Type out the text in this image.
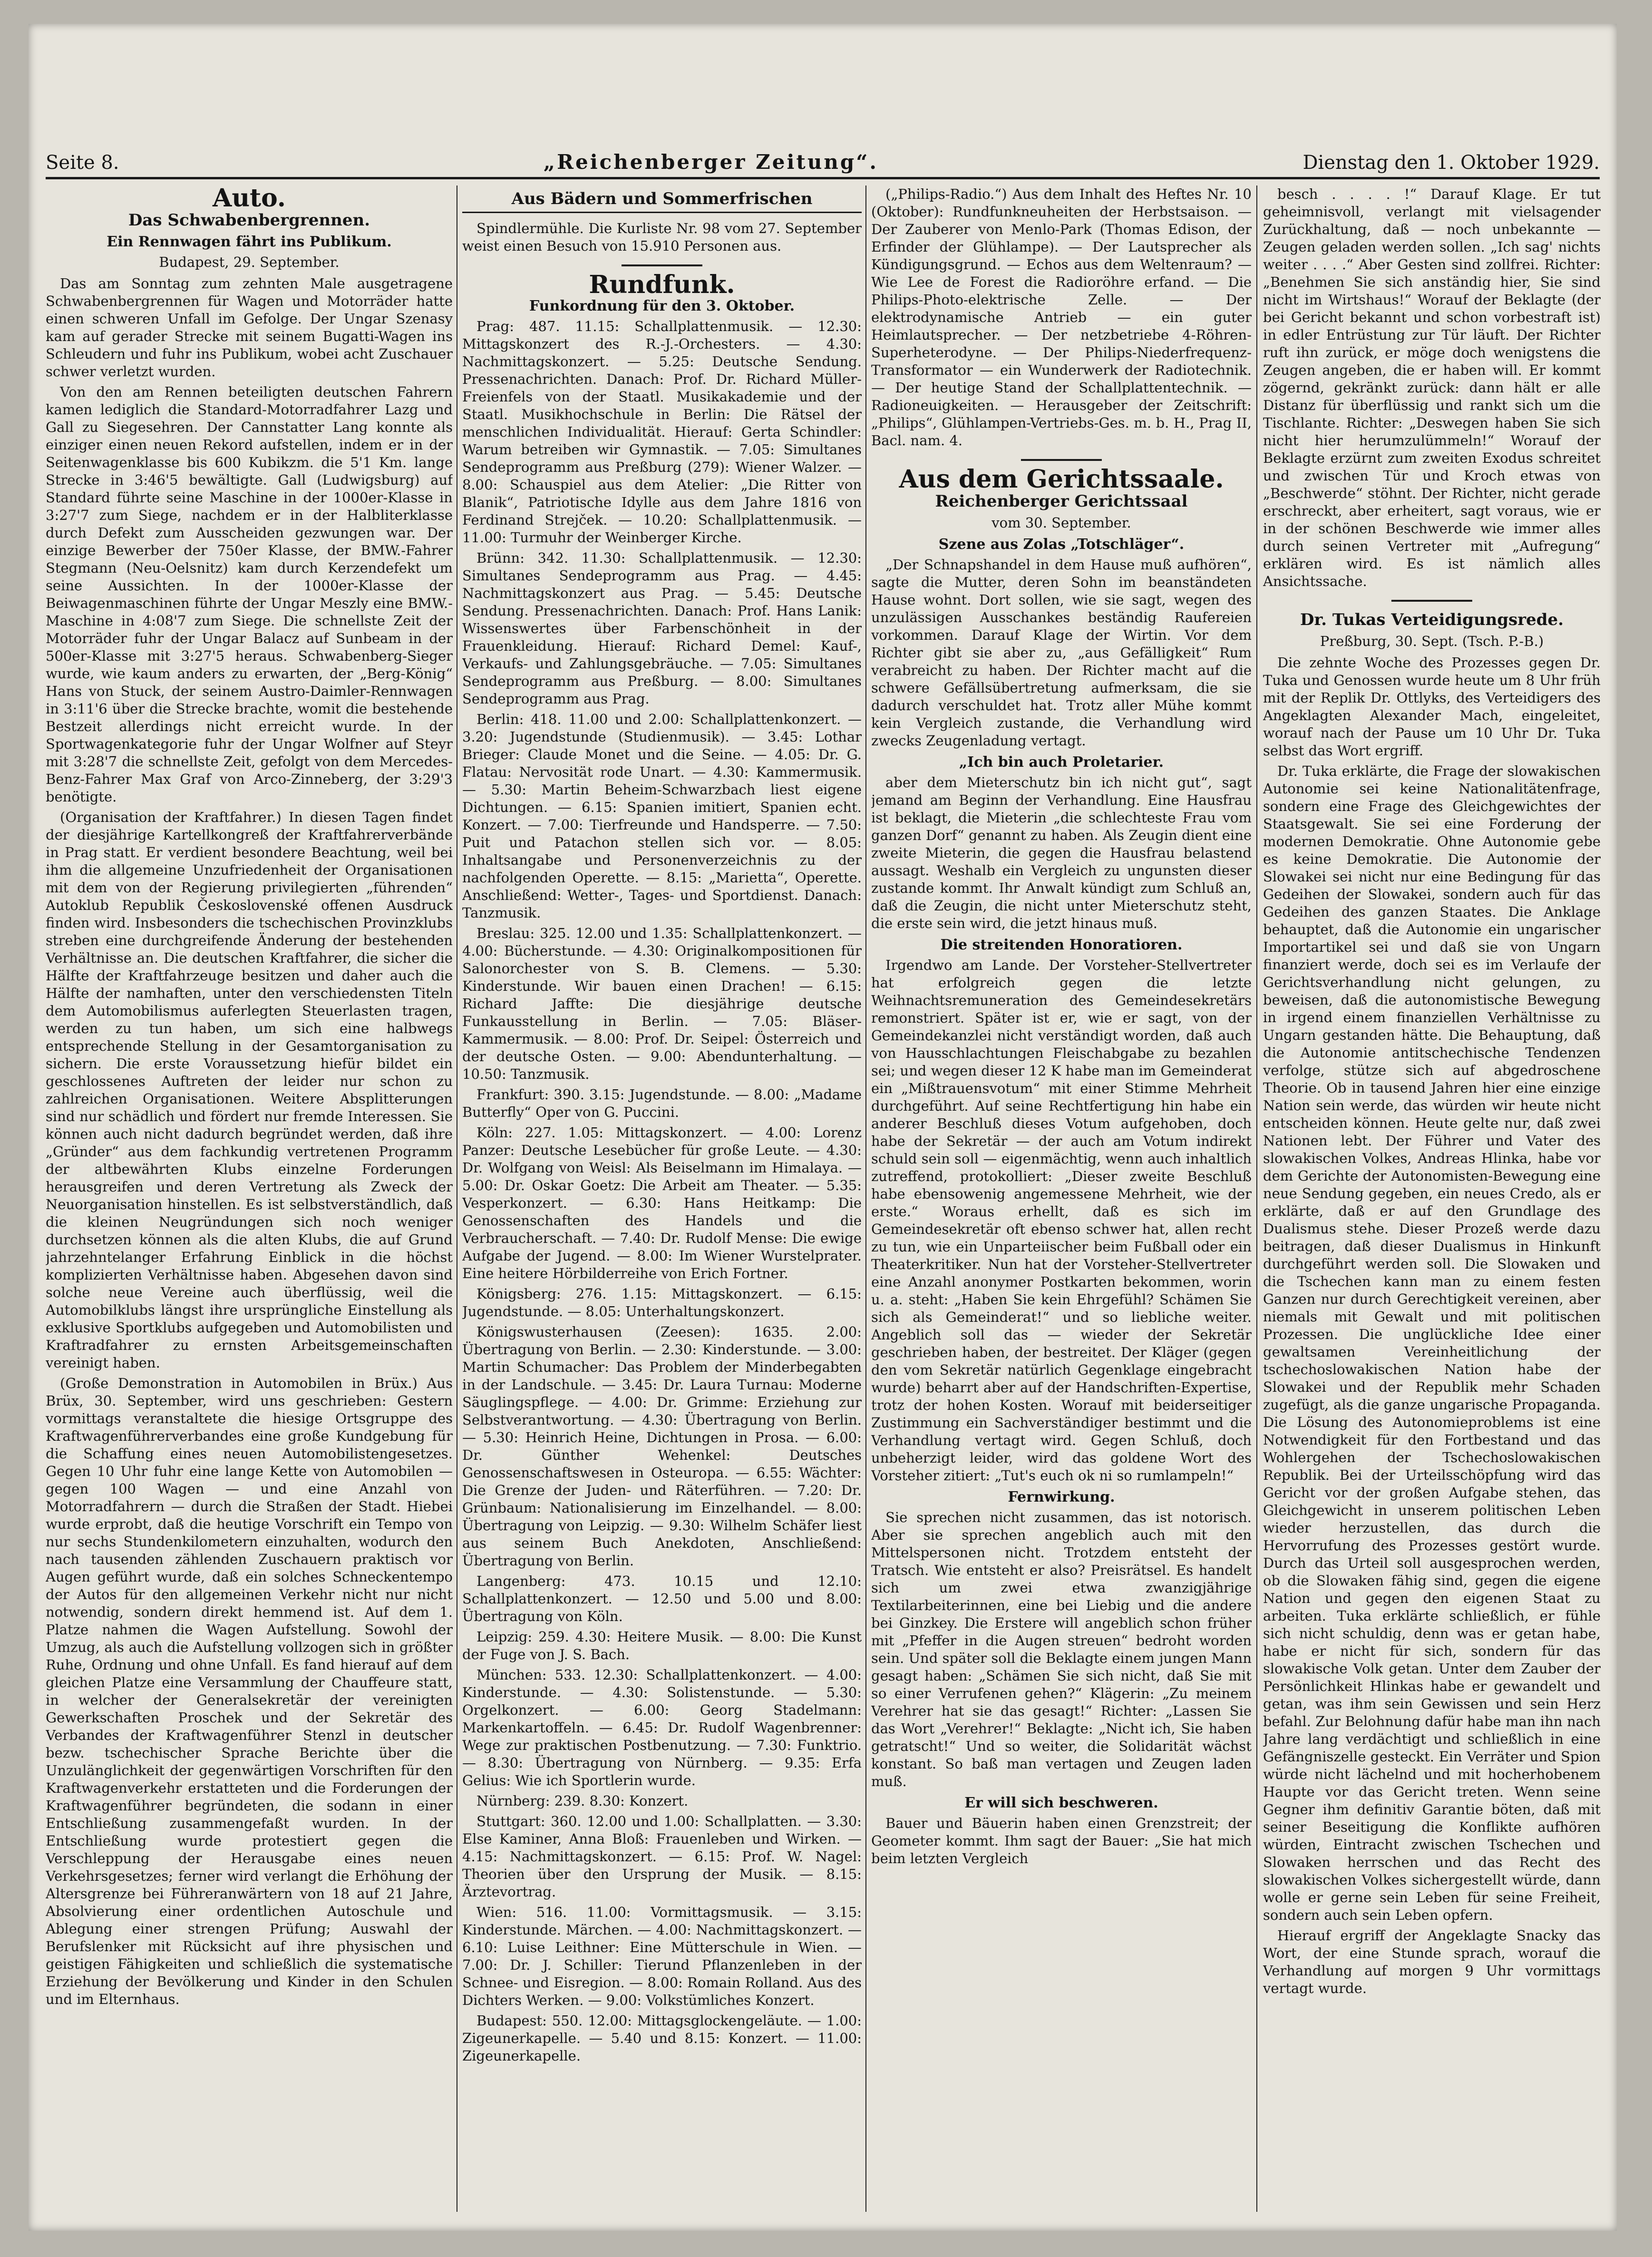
Seite 8.	„Reichenberger Zeitung“.	Dienstag den 1. Oktober 1929.
Auto.
Das Schwabenbergrennen.
Ein Rennwagen fährt ins Publikum.
Budapest, 29. September.

Das am Sonntag zum zehnten Male ausgetragene Schwabenbergrennen für Wagen und Motorräder hatte einen schweren Unfall im Gefolge. Der Ungar Szenasy kam auf gerader Strecke mit seinem Bugatti-Wagen ins Schleudern und fuhr ins Publikum, wobei acht Zuschauer schwer verletzt wurden.

Von den am Rennen beteiligten deutschen Fahrern kamen lediglich die Standard-Motorradfahrer Lazg und Gall zu Siegesehren. Der Cannstatter Lang konnte als einziger einen neuen Rekord aufstellen, indem er in der Seitenwagenklasse bis 600 Kubikzm. die 5'1 Km. lange Strecke in 3:46'5 bewältigte. Gall (Ludwigsburg) auf Standard führte seine Maschine in der 1000er-Klasse in 3:27'7 zum Siege, nachdem er in der Halbliterklasse durch Defekt zum Ausscheiden gezwungen war. Der einzige Bewerber der 750er Klasse, der BMW.-Fahrer Stegmann (Neu-Oelsnitz) kam durch Kerzendefekt um seine Aussichten. In der 1000er-Klasse der Beiwagenmaschinen führte der Ungar Meszly eine BMW.-Maschine in 4:08'7 zum Siege. Die schnellste Zeit der Motorräder fuhr der Ungar Balacz auf Sunbeam in der 500er-Klasse mit 3:27'5 heraus. Schwabenberg-Sieger wurde, wie kaum anders zu erwarten, der „Berg-König“ Hans von Stuck, der seinem Austro-Daimler-Rennwagen in 3:11'6 über die Strecke brachte, womit die bestehende Bestzeit allerdings nicht erreicht wurde. In der Sportwagenkategorie fuhr der Ungar Wolfner auf Steyr mit 3:28'7 die schnellste Zeit, gefolgt von dem Mercedes-Benz-Fahrer Max Graf von Arco-Zinneberg, der 3:29'3 benötigte.

(Organisation der Kraftfahrer.) In diesen Tagen findet der diesjährige Kartellkongreß der Kraftfahrerverbände in Prag statt. Er verdient besondere Beachtung, weil bei ihm die allgemeine Unzufriedenheit der Organisationen mit dem von der Regierung privilegierten „führenden“ Autoklub Republik Československé offenen Ausdruck finden wird. Insbesonders die tschechischen Provinzklubs streben eine durchgreifende Änderung der bestehenden Verhältnisse an. Die deutschen Kraftfahrer, die sicher die Hälfte der Kraftfahrzeuge besitzen und daher auch die Hälfte der namhaften, unter den verschiedensten Titeln dem Automobilismus auferlegten Steuerlasten tragen, werden zu tun haben, um sich eine halbwegs entsprechende Stellung in der Gesamtorganisation zu sichern. Die erste Voraussetzung hiefür bildet ein geschlossenes Auftreten der leider nur schon zu zahlreichen Organisationen. Weitere Absplitterungen sind nur schädlich und fördert nur fremde Interessen. Sie können auch nicht dadurch begründet werden, daß ihre „Gründer“ aus dem fachkundig vertretenen Programm der altbewährten Klubs einzelne Forderungen herausgreifen und deren Vertretung als Zweck der Neuorganisation hinstellen. Es ist selbstverständlich, daß die kleinen Neugründungen sich noch weniger durchsetzen können als die alten Klubs, die auf Grund jahrzehntelanger Erfahrung Einblick in die höchst komplizierten Verhältnisse haben. Abgesehen davon sind solche neue Vereine auch überflüssig, weil die Automobilklubs längst ihre ursprüngliche Einstellung als exklusive Sportklubs aufgegeben und Automobilisten und Kraftradfahrer zu ernsten Arbeitsgemeinschaften vereinigt haben.

(Große Demonstration in Automobilen in Brüx.) Aus Brüx, 30. September, wird uns geschrieben: Gestern vormittags veranstaltete die hiesige Ortsgruppe des Kraftwagenführerverbandes eine große Kundgebung für die Schaffung eines neuen Automobilistengesetzes. Gegen 10 Uhr fuhr eine lange Kette von Automobilen — gegen 100 Wagen — und eine Anzahl von Motorradfahrern — durch die Straßen der Stadt. Hiebei wurde erprobt, daß die heutige Vorschrift ein Tempo von nur sechs Stundenkilometern einzuhalten, wodurch den nach tausenden zählenden Zuschauern praktisch vor Augen geführt wurde, daß ein solches Schneckentempo der Autos für den allgemeinen Verkehr nicht nur nicht notwendig, sondern direkt hemmend ist. Auf dem 1. Platze nahmen die Wagen Aufstellung. Sowohl der Umzug, als auch die Aufstellung vollzogen sich in größter Ruhe, Ordnung und ohne Unfall. Es fand hierauf auf dem gleichen Platze eine Versammlung der Chauffeure statt, in welcher der Generalsekretär der vereinigten Gewerkschaften Proschek und der Sekretär des Verbandes der Kraftwagenführer Stenzl in deutscher bezw. tschechischer Sprache Berichte über die Unzulänglichkeit der gegenwärtigen Vorschriften für den Kraftwagenverkehr erstatteten und die Forderungen der Kraftwagenführer begründeten, die sodann in einer Entschließung zusammengefaßt wurden. In der Entschließung wurde protestiert gegen die Verschleppung der Herausgabe eines neuen Verkehrsgesetzes; ferner wird verlangt die Erhöhung der Altersgrenze bei Führeranwärtern von 18 auf 21 Jahre, Absolvierung einer ordentlichen Autoschule und Ablegung einer strengen Prüfung; Auswahl der Berufslenker mit Rücksicht auf ihre physischen und geistigen Fähigkeiten und schließlich die systematische Erziehung der Bevölkerung und Kinder in den Schulen und im Elternhaus.

Aus Bädern und Sommerfrischen

Spindlermühle. Die Kurliste Nr. 98 vom 27. September weist einen Besuch von 15.910 Personen aus.

Rundfunk.
Funkordnung für den 3. Oktober.

Prag: 487. 11.15: Schallplattenmusik. — 12.30: Mittagskonzert des R.-J.-Orchesters. — 4.30: Nachmittagskonzert. — 5.25: Deutsche Sendung. Pressenachrichten. Danach: Prof. Dr. Richard Müller-Freienfels von der Staatl. Musikakademie und der Staatl. Musikhochschule in Berlin: Die Rätsel der menschlichen Individualität. Hierauf: Gerta Schindler: Warum betreiben wir Gymnastik. — 7.05: Simultanes Sendeprogramm aus Preßburg (279): Wiener Walzer. — 8.00: Schauspiel aus dem Atelier: „Die Ritter von Blanik“, Patriotische Idylle aus dem Jahre 1816 von Ferdinand Strejček. — 10.20: Schallplattenmusik. — 11.00: Turmuhr der Weinberger Kirche.

Brünn: 342. 11.30: Schallplattenmusik. — 12.30: Simultanes Sendeprogramm aus Prag. — 4.45: Nachmittagskonzert aus Prag. — 5.45: Deutsche Sendung. Pressenachrichten. Danach: Prof. Hans Lanik: Wissenswertes über Farbenschönheit in der Frauenkleidung. Hierauf: Richard Demel: Kauf-, Verkaufs- und Zahlungsgebräuche. — 7.05: Simultanes Sendeprogramm aus Preßburg. — 8.00: Simultanes Sendeprogramm aus Prag.

Berlin: 418. 11.00 und 2.00: Schallplattenkonzert. — 3.20: Jugendstunde (Studienmusik). — 3.45: Lothar Brieger: Claude Monet und die Seine. — 4.05: Dr. G. Flatau: Nervosität rode Unart. — 4.30: Kammermusik. — 5.30: Martin Beheim-Schwarzbach liest eigene Dichtungen. — 6.15: Spanien imitiert, Spanien echt. Konzert. — 7.00: Tierfreunde und Handsperre. — 7.50: Puit und Patachon stellen sich vor. — 8.05: Inhaltsangabe und Personenverzeichnis zu der nachfolgenden Operette. — 8.15: „Marietta“, Operette. Anschließend: Wetter-, Tages- und Sportdienst. Danach: Tanzmusik.

Breslau: 325. 12.00 und 1.35: Schallplattenkonzert. — 4.00: Bücherstunde. — 4.30: Originalkompositionen für Salonorchester von S. B. Clemens. — 5.30: Kinderstunde. Wir bauen einen Drachen! — 6.15: Richard Jaffte: Die diesjährige deutsche Funkausstellung in Berlin. — 7.05: Bläser-Kammermusik. — 8.00: Prof. Dr. Seipel: Österreich und der deutsche Osten. — 9.00: Abendunterhaltung. — 10.50: Tanzmusik.

Frankfurt: 390. 3.15: Jugendstunde. — 8.00: „Madame Butterfly“ Oper von G. Puccini.

Köln: 227. 1.05: Mittagskonzert. — 4.00: Lorenz Panzer: Deutsche Lesebücher für große Leute. — 4.30: Dr. Wolfgang von Weisl: Als Beiselmann im Himalaya. — 5.00: Dr. Oskar Goetz: Die Arbeit am Theater. — 5.35: Vesperkonzert. — 6.30: Hans Heitkamp: Die Genossenschaften des Handels und die Verbraucherschaft. — 7.40: Dr. Rudolf Mense: Die ewige Aufgabe der Jugend. — 8.00: Im Wiener Wurstelprater. Eine heitere Hörbilderreihe von Erich Fortner.

Königsberg: 276. 1.15: Mittagskonzert. — 6.15: Jugendstunde. — 8.05: Unterhaltungskonzert.

Königswusterhausen (Zeesen): 1635. 2.00: Übertragung von Berlin. — 2.30: Kinderstunde. — 3.00: Martin Schumacher: Das Problem der Minderbegabten in der Landschule. — 3.45: Dr. Laura Turnau: Moderne Säuglingspflege. — 4.00: Dr. Grimme: Erziehung zur Selbstverantwortung. — 4.30: Übertragung von Berlin. — 5.30: Heinrich Heine, Dichtungen in Prosa. — 6.00: Dr. Günther Wehenkel: Deutsches Genossenschaftswesen in Osteuropa. — 6.55: Wächter: Die Grenze der Juden- und Räterführen. — 7.20: Dr. Grünbaum: Nationalisierung im Einzelhandel. — 8.00: Übertragung von Leipzig. — 9.30: Wilhelm Schäfer liest aus seinem Buch Anekdoten, Anschließend: Übertragung von Berlin.

Langenberg: 473. 10.15 und 12.10: Schallplattenkonzert. — 12.50 und 5.00 und 8.00: Übertragung von Köln.

Leipzig: 259. 4.30: Heitere Musik. — 8.00: Die Kunst der Fuge von J. S. Bach.

München: 533. 12.30: Schallplattenkonzert. — 4.00: Kinderstunde. — 4.30: Solistenstunde. — 5.30: Orgelkonzert. — 6.00: Georg Stadelmann: Markenkartoffeln. — 6.45: Dr. Rudolf Wagenbrenner: Wege zur praktischen Postbenutzung. — 7.30: Funktrio. — 8.30: Übertragung von Nürnberg. — 9.35: Erfa Gelius: Wie ich Sportlerin wurde.

Nürnberg: 239. 8.30: Konzert.

Stuttgart: 360. 12.00 und 1.00: Schallplatten. — 3.30: Else Kaminer, Anna Bloß: Frauenleben und Wirken. — 4.15: Nachmittagskonzert. — 6.15: Prof. W. Nagel: Theorien über den Ursprung der Musik. — 8.15: Ärztevortrag.

Wien: 516. 11.00: Vormittagsmusik. — 3.15: Kinderstunde. Märchen. — 4.00: Nachmittagskonzert. — 6.10: Luise Leithner: Eine Mütterschule in Wien. — 7.00: Dr. J. Schiller: Tierund Pflanzenleben in der Schnee- und Eisregion. — 8.00: Romain Rolland. Aus des Dichters Werken. — 9.00: Volkstümliches Konzert.

Budapest: 550. 12.00: Mittagsglockengeläute. — 1.00: Zigeunerkapelle. — 5.40 und 8.15: Konzert. — 11.00: Zigeunerkapelle.

(„Philips-Radio.“) Aus dem Inhalt des Heftes Nr. 10 (Oktober): Rundfunkneuheiten der Herbstsaison. — Der Zauberer von Menlo-Park (Thomas Edison, der Erfinder der Glühlampe). — Der Lautsprecher als Kündigungsgrund. — Echos aus dem Weltenraum? — Wie Lee de Forest die Radioröhre erfand. — Die Philips-Photo-elektrische Zelle. — Der elektrodynamische Antrieb — ein guter Heimlautsprecher. — Der netzbetriebe 4-Röhren-Superheterodyne. — Der Philips-Niederfrequenz-Transformator — ein Wunderwerk der Radiotechnik. — Der heutige Stand der Schallplattentechnik. — Radioneuigkeiten. — Herausgeber der Zeitschrift: „Philips“, Glühlampen-Vertriebs-Ges. m. b. H., Prag II, Bacl. nam. 4.

Aus dem Gerichtssaale.
Reichenberger Gerichtssaal
vom 30. September.
Szene aus Zolas „Totschläger“.

„Der Schnapshandel in dem Hause muß aufhören“, sagte die Mutter, deren Sohn im beanständeten Hause wohnt. Dort sollen, wie sie sagt, wegen des unzulässigen Ausschankes beständig Raufereien vorkommen. Darauf Klage der Wirtin. Vor dem Richter gibt sie aber zu, „aus Gefälligkeit“ Rum verabreicht zu haben. Der Richter macht auf die schwere Gefällsübertretung aufmerksam, die sie dadurch verschuldet hat. Trotz aller Mühe kommt kein Vergleich zustande, die Verhandlung wird zwecks Zeugenladung vertagt.

„Ich bin auch Proletarier.

aber dem Mieterschutz bin ich nicht gut“, sagt jemand am Beginn der Verhandlung. Eine Hausfrau ist beklagt, die Mieterin „die schlechteste Frau vom ganzen Dorf“ genannt zu haben. Als Zeugin dient eine zweite Mieterin, die gegen die Hausfrau belastend aussagt. Weshalb ein Vergleich zu ungunsten dieser zustande kommt. Ihr Anwalt kündigt zum Schluß an, daß die Zeugin, die nicht unter Mieterschutz steht, die erste sein wird, die jetzt hinaus muß.

Die streitenden Honoratioren.

Irgendwo am Lande. Der Vorsteher-Stellvertreter hat erfolgreich gegen die letzte Weihnachtsremuneration des Gemeindesekretärs remonstriert. Später ist er, wie er sagt, von der Gemeindekanzlei nicht verständigt worden, daß auch von Hausschlachtungen Fleischabgabe zu bezahlen sei; und wegen dieser 12 K habe man im Gemeinderat ein „Mißtrauensvotum“ mit einer Stimme Mehrheit durchgeführt. Auf seine Rechtfertigung hin habe ein anderer Beschluß dieses Votum aufgehoben, doch habe der Sekretär — der auch am Votum indirekt schuld sein soll — eigenmächtig, wenn auch inhaltlich zutreffend, protokolliert: „Dieser zweite Beschluß habe ebensowenig angemessene Mehrheit, wie der erste.“ Woraus erhellt, daß es sich im Gemeindesekretär oft ebenso schwer hat, allen recht zu tun, wie ein Unparteiischer beim Fußball oder ein Theaterkritiker. Nun hat der Vorsteher-Stellvertreter eine Anzahl anonymer Postkarten bekommen, worin u. a. steht: „Haben Sie kein Ehrgefühl? Schämen Sie sich als Gemeinderat!“ und so liebliche weiter. Angeblich soll das — wieder der Sekretär geschrieben haben, der bestreitet. Der Kläger (gegen den vom Sekretär natürlich Gegenklage eingebracht wurde) beharrt aber auf der Handschriften-Expertise, trotz der hohen Kosten. Worauf mit beiderseitiger Zustimmung ein Sachverständiger bestimmt und die Verhandlung vertagt wird. Gegen Schluß, doch unbeherzigt leider, wird das goldene Wort des Vorsteher zitiert: „Tut's euch ok ni so rumlampeln!“

Fernwirkung.

Sie sprechen nicht zusammen, das ist notorisch. Aber sie sprechen angeblich auch mit den Mittelspersonen nicht. Trotzdem entsteht der Tratsch. Wie entsteht er also? Preisrätsel. Es handelt sich um zwei etwa zwanzigjährige Textilarbeiterinnen, eine bei Liebig und die andere bei Ginzkey. Die Erstere will angeblich schon früher mit „Pfeffer in die Augen streuen“ bedroht worden sein. Und später soll die Beklagte einem jungen Mann gesagt haben: „Schämen Sie sich nicht, daß Sie mit so einer Verrufenen gehen?“ Klägerin: „Zu meinem Verehrer hat sie das gesagt!“ Richter: „Lassen Sie das Wort „Verehrer!“ Beklagte: „Nicht ich, Sie haben getratscht!“ Und so weiter, die Solidarität wächst konstant. So baß man vertagen und Zeugen laden muß.

Er will sich beschweren.

Bauer und Bäuerin haben einen Grenzstreit; der Geometer kommt. Ihm sagt der Bauer: „Sie hat mich beim letzten Vergleich

besch . . . . !“ Darauf Klage. Er tut geheimnisvoll, verlangt mit vielsagender Zurückhaltung, daß — noch unbekannte — Zeugen geladen werden sollen. „Ich sag' nichts weiter . . . .“ Aber Gesten sind zollfrei. Richter: „Benehmen Sie sich anständig hier, Sie sind nicht im Wirtshaus!“ Worauf der Beklagte (der bei Gericht bekannt und schon vorbestraft ist) in edler Entrüstung zur Tür läuft. Der Richter ruft ihn zurück, er möge doch wenigstens die Zeugen angeben, die er haben will. Er kommt zögernd, gekränkt zurück: dann hält er alle Distanz für überflüssig und rankt sich um die Tischlante. Richter: „Deswegen haben Sie sich nicht hier herumzulümmeln!“ Worauf der Beklagte erzürnt zum zweiten Exodus schreitet und zwischen Tür und Kroch etwas von „Beschwerde“ stöhnt. Der Richter, nicht gerade erschreckt, aber erheitert, sagt voraus, wie er in der schönen Beschwerde wie immer alles durch seinen Vertreter mit „Aufregung“ erklären wird. Es ist nämlich alles Ansichtssache.

Dr. Tukas Verteidigungsrede.
Preßburg, 30. Sept. (Tsch. P.-B.)

Die zehnte Woche des Prozesses gegen Dr. Tuka und Genossen wurde heute um 8 Uhr früh mit der Replik Dr. Ottlyks, des Verteidigers des Angeklagten Alexander Mach, eingeleitet, worauf nach der Pause um 10 Uhr Dr. Tuka selbst das Wort ergriff.

Dr. Tuka erklärte, die Frage der slowakischen Autonomie sei keine Nationalitätenfrage, sondern eine Frage des Gleichgewichtes der Staatsgewalt. Sie sei eine Forderung der modernen Demokratie. Ohne Autonomie gebe es keine Demokratie. Die Autonomie der Slowakei sei nicht nur eine Bedingung für das Gedeihen der Slowakei, sondern auch für das Gedeihen des ganzen Staates. Die Anklage behauptet, daß die Autonomie ein ungarischer Importartikel sei und daß sie von Ungarn finanziert werde, doch sei es im Verlaufe der Gerichtsverhandlung nicht gelungen, zu beweisen, daß die autonomistische Bewegung in irgend einem finanziellen Verhältnisse zu Ungarn gestanden hätte. Die Behauptung, daß die Autonomie antitschechische Tendenzen verfolge, stütze sich auf abgedroschene Theorie. Ob in tausend Jahren hier eine einzige Nation sein werde, das würden wir heute nicht entscheiden können. Heute gelte nur, daß zwei Nationen lebt. Der Führer und Vater des slowakischen Volkes, Andreas Hlinka, habe vor dem Gerichte der Autonomisten-Bewegung eine neue Sendung gegeben, ein neues Credo, als er erklärte, daß er auf den Grundlage des Dualismus stehe. Dieser Prozeß werde dazu beitragen, daß dieser Dualismus in Hinkunft durchgeführt werden soll. Die Slowaken und die Tschechen kann man zu einem festen Ganzen nur durch Gerechtigkeit vereinen, aber niemals mit Gewalt und mit politischen Prozessen. Die unglückliche Idee einer gewaltsamen Vereinheitlichung der tschechoslowakischen Nation habe der Slowakei und der Republik mehr Schaden zugefügt, als die ganze ungarische Propaganda. Die Lösung des Autonomieproblems ist eine Notwendigkeit für den Fortbestand und das Wohlergehen der Tschechoslowakischen Republik. Bei der Urteilsschöpfung wird das Gericht vor der großen Aufgabe stehen, das Gleichgewicht in unserem politischen Leben wieder herzustellen, das durch die Hervorrufung des Prozesses gestört wurde. Durch das Urteil soll ausgesprochen werden, ob die Slowaken fähig sind, gegen die eigene Nation und gegen den eigenen Staat zu arbeiten. Tuka erklärte schließlich, er fühle sich nicht schuldig, denn was er getan habe, habe er nicht für sich, sondern für das slowakische Volk getan. Unter dem Zauber der Persönlichkeit Hlinkas habe er gewandelt und getan, was ihm sein Gewissen und sein Herz befahl. Zur Belohnung dafür habe man ihn nach Jahre lang verdächtigt und schließlich in eine Gefängniszelle gesteckt. Ein Verräter und Spion würde nicht lächelnd und mit hocherhobenem Haupte vor das Gericht treten. Wenn seine Gegner ihm definitiv Garantie böten, daß mit seiner Beseitigung die Konflikte aufhören würden, Eintracht zwischen Tschechen und Slowaken herrschen und das Recht des slowakischen Volkes sichergestellt würde, dann wolle er gerne sein Leben für seine Freiheit, sondern auch sein Leben opfern.

Hierauf ergriff der Angeklagte Snacky das Wort, der eine Stunde sprach, worauf die Verhandlung auf morgen 9 Uhr vormittags vertagt wurde.
